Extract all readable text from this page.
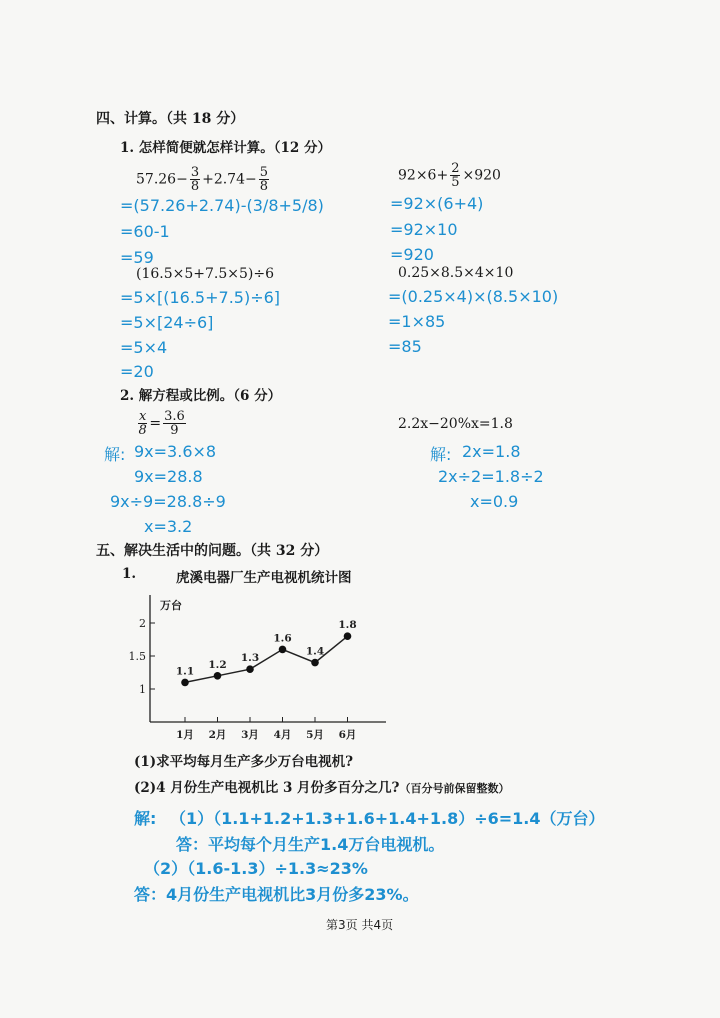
四、计算。（共 18 分）
1. 怎样简便就怎样计算。（12 分）
$57.26- \frac{3}{8} +2.74- \frac{5}{8}$
=(57.26+2.74)-(3/8+5/8)
=60-1
=59
$92\times 6+ \frac{2}{5} \times 920$
=92×(6+4)
=92×10
=920
(16.5×5+7.5×5)÷6
=5×[(16.5+7.5)÷6]
=5×[24÷6]
=5×4
=20
0.25×8.5×4×10
=(0.25×4)×(8.5×10)
=1×85
=85
2. 解方程或比例。（6 分）
$\frac{x}{8} = \frac{3.6}{9}$
解: 9x=3.6×8
9x=28.8
9x÷9=28.8÷9
x=3.2
2.2x−20%x=1.8
解: 2x=1.8
2x÷2=1.8÷2
x=0.9
五、解决生活中的问题。（共 32 分）
1.	虎溪电器厂生产电视机统计图
万台
1
1.5
2
1月 2月 3月 4月 5月 6月
1.1
1.2
1.3
1.6
1.4
1.8
(1)求平均每月生产多少万台电视机?
(2)4 月份生产电视机比 3 月份多百分之几?（百分号前保留整数）
解: （1）（1.1+1.2+1.3+1.6+1.4+1.8）÷6=1.4（万台）
答：平均每个月生产1.4万台电视机。
（2）（1.6-1.3）÷1.3≈23%
答：4月份生产电视机比3月份多23%。
第3页 共4页
